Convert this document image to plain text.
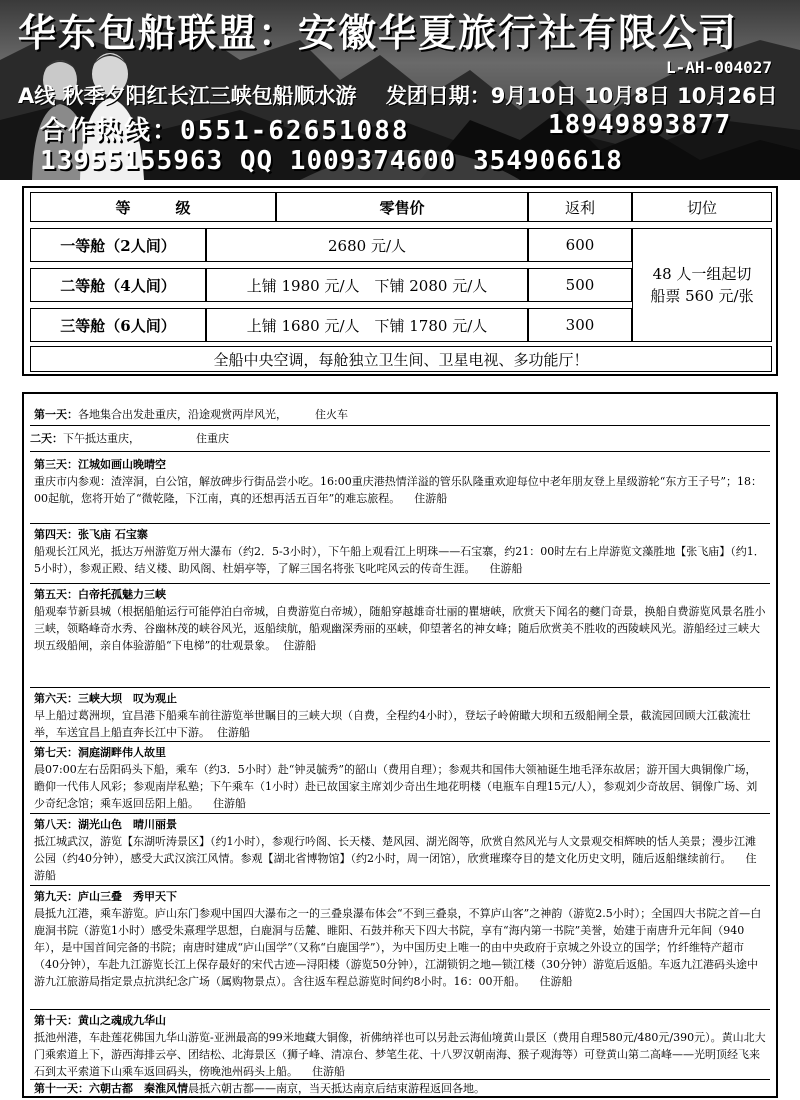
华东包船联盟：安徽华夏旅行社有限公司
L-AH-004027
A线 秋季夕阳红长江三峡包船顺水游 发团日期：9月10日 10月8日 10月26日
合作热线：0551-62651088	18949893877
13955155963 QQ 1009374600 354906618
等　　　级	零售价	返利	切位
一等舱（2人间）	2680 元/人	600
二等舱（4人间）	上铺 1980 元/人　下铺 2080 元/人	500
三等舱（6人间）	上铺 1680 元/人　下铺 1780 元/人	300
48 人一组起切
船票 560 元/张
全船中央空调，每舱独立卫生间、卫星电视、多功能厅！
第一天：各地集合出发赴重庆，沿途观赏两岸风光，	住火车
二天：下午抵达重庆，	住重庆
第三天：江城如画山晚晴空
重庆市内参观：渣滓洞，白公馆，解放碑步行街品尝小吃。16:00重庆港热情洋溢的管乐队隆重欢迎每位中老年朋友登上星级游轮“东方王子号”；18：00起航，您将开始了“微乾隆，下江南，真的还想再活五百年”的难忘旅程。 住游船
第四天：张飞庙 石宝寨
船观长江风光，抵达万州游览万州大瀑布（约2．5-3小时），下午船上观看江上明珠——石宝寨，约21：00时左右上岸游览文藻胜地【张飞庙】（约1．5小时），参观正殿、结义楼、助风阁、杜娟亭等，了解三国名将张飞叱咤风云的传奇生涯。 住游船
第五天：白帝托孤魅力三峡
船观奉节新县城（根据船舶运行可能停泊白帝城，自费游览白帝城），随船穿越雄奇壮丽的瞿塘峡，欣赏天下闻名的夔门奇景，换船自费游览风景名胜小三峡，领略峰奇水秀、谷幽林茂的峡谷风光，返船续航，船观幽深秀丽的巫峡，仰望著名的神女峰；随后欣赏美不胜收的西陵峡风光。游船经过三峡大坝五级船闸，亲自体验游船“下电梯”的壮观景象。 住游船
第六天：三峡大坝　叹为观止
早上船过葛洲坝，宜昌港下船乘车前往游览举世瞩目的三峡大坝（自费，全程约4小时），登坛子岭俯瞰大坝和五级船闸全景，截流园回顾大江截流壮举，车送宜昌上船直奔长江中下游。 住游船
第七天：洞庭湖畔伟人故里
晨07:00左右岳阳码头下船，乘车（约3．5小时）赴“钟灵毓秀”的韶山（费用自理）；参观共和国伟大领袖诞生地毛泽东故居；游开国大典铜像广场，瞻仰一代伟人风彩；参观南岸私塾；下午乘车（1小时）赴已故国家主席刘少奇出生地花明楼（电瓶车自理15元/人），参观刘少奇故居、铜像广场、刘少奇纪念馆；乘车返回岳阳上船。 住游船
第八天：湖光山色　晴川丽景
抵江城武汉，游览【东湖听涛景区】（约1小时），参观行吟阁、长天楼、楚风园、湖光阁等，欣赏自然风光与人文景观交相辉映的恬人美景；漫步江滩公园（约40分钟），感受大武汉滨江风情。参观【湖北省博物馆】（约2小时，周一闭馆），欣赏璀璨夺目的楚文化历史文明，随后返船继续前行。 住游船
第九天：庐山三叠　秀甲天下
晨抵九江港，乘车游览。庐山东门参观中国四大瀑布之一的三叠泉瀑布体会“不到三叠泉，不算庐山客”之神韵（游览2.5小时）；全国四大书院之首—白鹿洞书院（游览1小时）感受朱熹理学思想，白鹿洞与岳麓、睢阳、石鼓并称天下四大书院，享有“海内第一书院”美誉，始建于南唐升元年间（940年），是中国首间完备的书院；南唐时建成“庐山国学”（又称“白鹿国学”），为中国历史上唯一的由中央政府于京城之外设立的国学；竹纤维特产超市（40分钟），车赴九江游览长江上保存最好的宋代古迹—浔阳楼（游览50分钟），江湖锁钥之地—锁江楼（30分钟）游览后返船。车返九江港码头途中游九江旅游局指定景点抗洪纪念广场（属购物景点）。含往返车程总游览时间约8小时。16：00开船。 住游船
第十天：黄山之魂成九华山
抵池州港，车赴莲花佛国九华山游览-亚洲最高的99米地藏大铜像，祈佛纳祥也可以另赴云海仙境黄山景区（费用自理580元/480元/390元）。黄山北大门乘索道上下，游西海排云亭、团结松、北海景区（狮子峰、清凉台、梦笔生花、十八罗汉朝南海、猴子观海等）可登黄山第二高峰——光明顶经飞来石到太平索道下山乘车返回码头，傍晚池州码头上船。 住游船
第十一天：六朝古都　秦淮风情晨抵六朝古都——南京，当天抵达南京后结束游程返回各地。
